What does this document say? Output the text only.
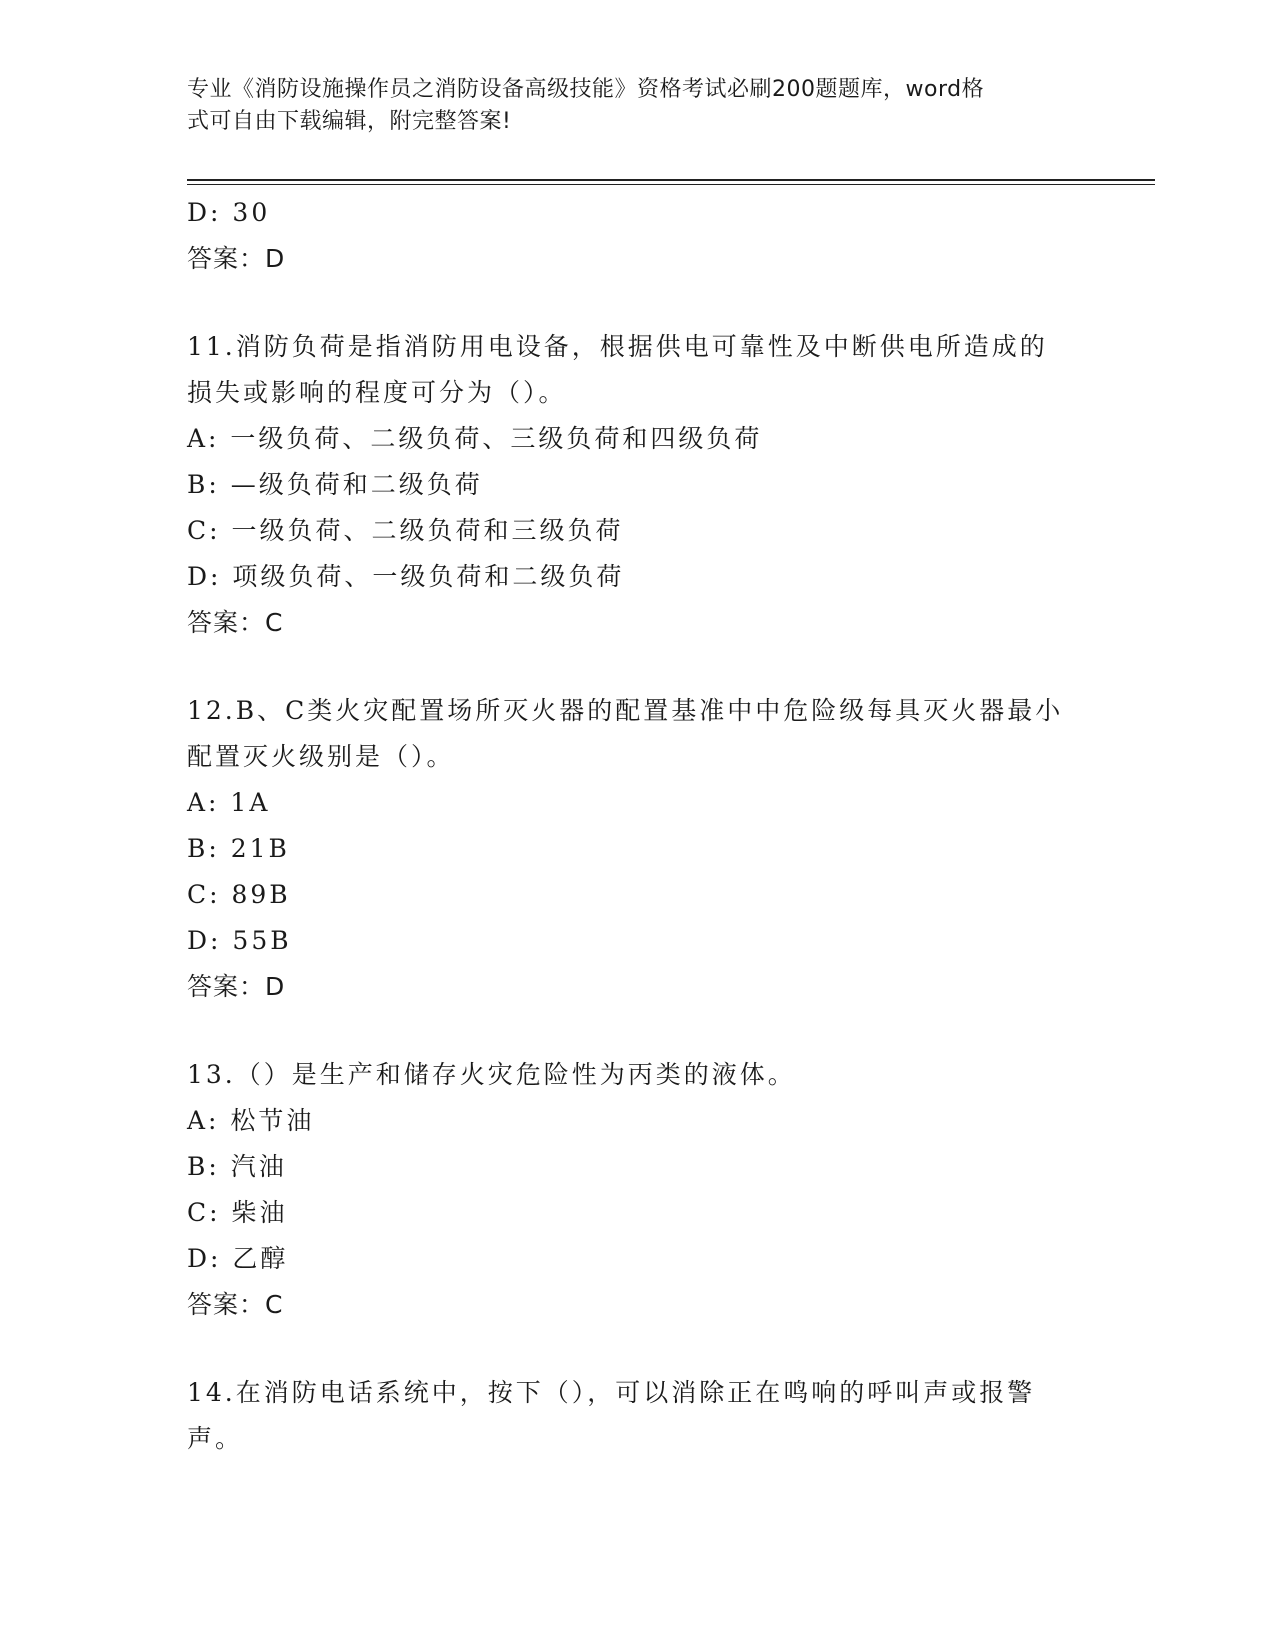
专业《消防设施操作员之消防设备高级技能》资格考试必刷200题题库，word格
式可自由下载编辑，附完整答案!
D: 30
答案：D
11.消防负荷是指消防用电设备，根据供电可靠性及中断供电所造成的
损失或影响的程度可分为（）。
A: 一级负荷、二级负荷、三级负荷和四级负荷
B: —级负荷和二级负荷
C: 一级负荷、二级负荷和三级负荷
D: 项级负荷、一级负荷和二级负荷
答案：C
12.B、C类火灾配置场所灭火器的配置基准中中危险级每具灭火器最小
配置灭火级别是（）。
A: 1A
B: 21B
C: 89B
D: 55B
答案：D
13.（）是生产和储存火灾危险性为丙类的液体。
A: 松节油
B: 汽油
C: 柴油
D: 乙醇
答案：C
14.在消防电话系统中，按下（），可以消除正在鸣响的呼叫声或报警
声。
